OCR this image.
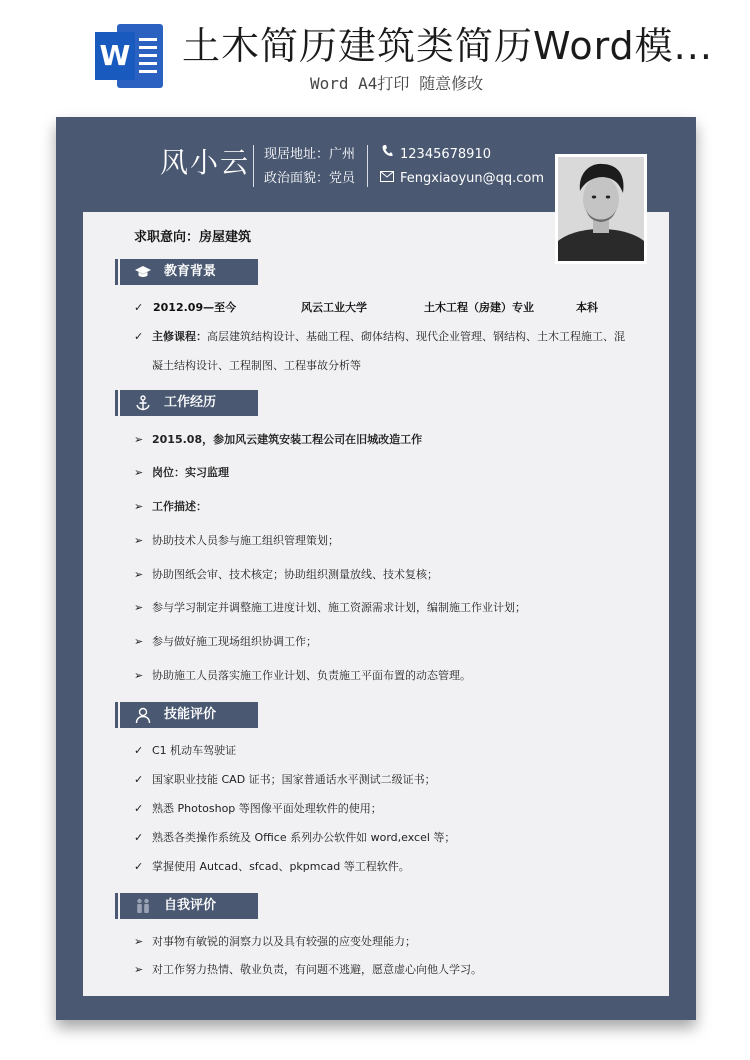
W 土木简历建筑类简历Word模...
Word A4打印 随意修改
风小云 现居地址：广州
政治面貌：党员
12345678910
Fengxiaoyun@qq.com
求职意向：房屋建筑
教育背景
✓ 2012.09—至今	风云工业大学	土木工程（房建）专业	本科
✓ 主修课程：高层建筑结构设计、基础工程、砌体结构、现代企业管理、钢结构、土木工程施工、混
凝土结构设计、工程制图、工程事故分析等
工作经历
➢ 2015.08，参加风云建筑安装工程公司在旧城改造工作
➢ 岗位：实习监理
➢ 工作描述：
➢ 协助技术人员参与施工组织管理策划；
➢ 协助图纸会审、技术核定；协助组织测量放线、技术复核；
➢ 参与学习制定并调整施工进度计划、施工资源需求计划，编制施工作业计划；
➢ 参与做好施工现场组织协调工作；
➢ 协助施工人员落实施工作业计划、负责施工平面布置的动态管理。
技能评价
✓ C1 机动车驾驶证
✓ 国家职业技能 CAD 证书；国家普通话水平测试二级证书；
✓ 熟悉 Photoshop 等图像平面处理软件的使用；
✓ 熟悉各类操作系统及 Office 系列办公软件如 word,excel 等；
✓ 掌握使用 Autcad、sfcad、pkpmcad 等工程软件。
自我评价
➢ 对事物有敏锐的洞察力以及具有较强的应变处理能力；
➢ 对工作努力热情、敬业负责，有问题不逃避，愿意虚心向他人学习。
